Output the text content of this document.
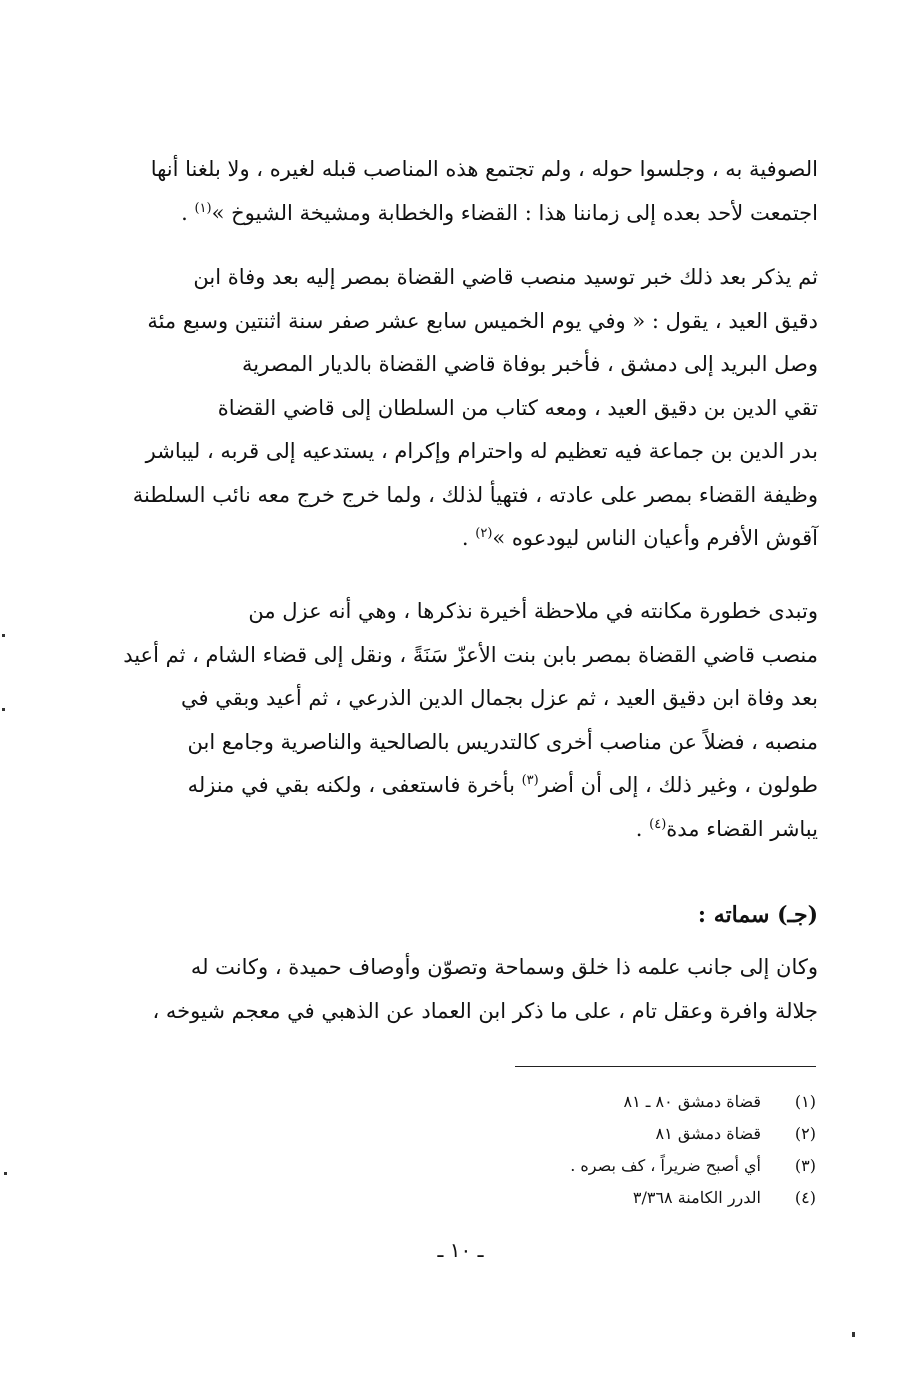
الصوفية به ، وجلسوا حوله ، ولم تجتمع هذه المناصب قبله لغيره ، ولا بلغنا أنها

اجتمعت لأحد بعده إلى زماننا هذا : القضاء والخطابة ومشيخة الشيوخ »$^{(١)}$ .

ثم يذكر بعد ذلك خبر توسيد منصب قاضي القضاة بمصر إليه بعد وفاة ابن

دقيق العيد ، يقول : « وفي يوم الخميس سابع عشر صفر سنة اثنتين وسبع مئة

وصل البريد إلى دمشق ، فأخبر بوفاة قاضي القضاة بالديار المصرية

تقي الدين بن دقيق العيد ، ومعه كتاب من السلطان إلى قاضي القضاة

بدر الدين بن جماعة فيه تعظيم له واحترام وإكرام ، يستدعيه إلى قربه ، ليباشر

وظيفة القضاء بمصر على عادته ، فتهيأ لذلك ، ولما خرج خرج معه نائب السلطنة

آقوش الأفرم وأعيان الناس ليودعوه »$^{(٢)}$ .

وتبدى خطورة مكانته في ملاحظة أخيرة نذكرها ، وهي أنه عزل من

منصب قاضي القضاة بمصر بابن بنت الأعزّ سَنَةً ، ونقل إلى قضاء الشام ، ثم أعيد

بعد وفاة ابن دقيق العيد ، ثم عزل بجمال الدين الذرعي ، ثم أعيد وبقي في

منصبه ، فضلاً عن مناصب أخرى كالتدريس بالصالحية والناصرية وجامع ابن

طولون ، وغير ذلك ، إلى أن أضر$^{(٣)}$ بأخرة فاستعفى ، ولكنه بقي في منزله

يباشر القضاء مدة$^{(٤)}$ .

(جـ) سماته :

وكان إلى جانب علمه ذا خلق وسماحة وتصوّن وأوصاف حميدة ، وكانت له

جلالة وافرة وعقل تام ، على ما ذكر ابن العماد عن الذهبي في معجم شيوخه ،

(١)
قضاة دمشق ٨٠ ـ ٨١
(٢)
قضاة دمشق ٨١
(٣)
أي أصبح ضريراً ، كف بصره .
(٤)
الدرر الكامنة ٣/٣٦٨
ـ ١٠ ـ
